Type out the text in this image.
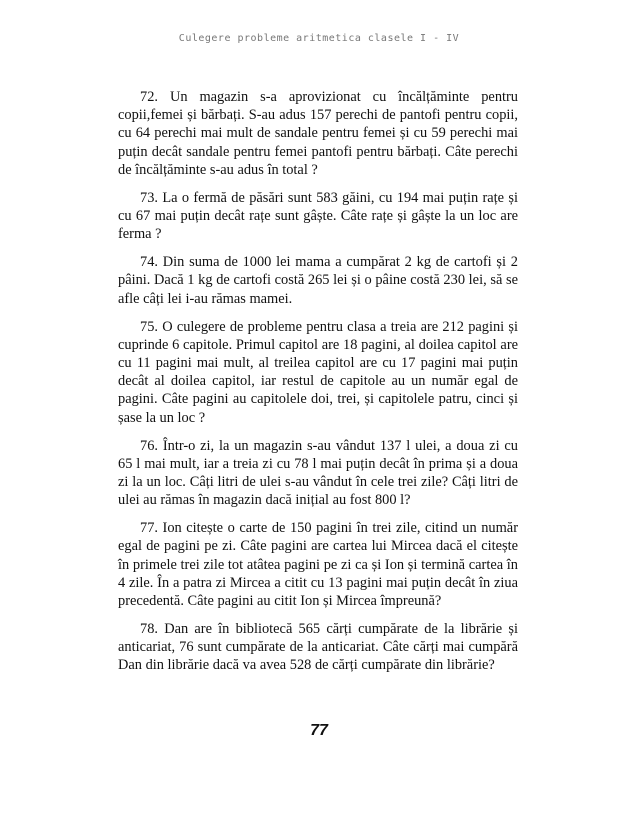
Culegere probleme aritmetica clasele I - IV

72. Un magazin s-a aprovizionat cu încălțăminte pentru copii,femei și bărbați. S-au adus 157 perechi de pantofi pentru copii, cu 64 perechi mai mult de sandale pentru femei și cu 59 perechi mai puțin decât sandale pentru femei pantofi pentru bărbați. Câte perechi de încălțăminte s-au adus în total ?

73. La o fermă de păsări sunt 583 găini, cu 194 mai puțin rațe și cu 67 mai puțin decât rațe sunt gâște. Câte rațe și gâște la un loc are ferma ?

74. Din suma de 1000 lei mama a cumpărat 2 kg de cartofi și 2 pâini. Dacă 1 kg de cartofi costă 265 lei și o pâine costă 230 lei, să se afle câți lei i-au rămas mamei.

75. O culegere de probleme pentru clasa a treia are 212 pagini și cuprinde 6 capitole. Primul capitol are 18 pagini, al doilea capitol are cu 11 pagini mai mult, al treilea capitol are cu 17 pagini mai puțin decât al doilea capitol, iar restul de capitole au un număr egal de pagini. Câte pagini au capitolele doi, trei, și capitolele patru, cinci și șase la un loc ?

76. Într-o zi, la un magazin s-au vândut 137 l ulei, a doua zi cu 65 l mai mult, iar a treia zi cu 78 l mai puțin decât în prima și a doua zi la un loc. Câți litri de ulei s-au vândut în cele trei zile? Câți litri de ulei au rămas în magazin dacă inițial au fost 800 l?

77. Ion citește o carte de 150 pagini în trei zile, citind un număr egal de pagini pe zi. Câte pagini are cartea lui Mircea dacă el citește în primele trei zile tot atâtea pagini pe zi ca și Ion și termină cartea în 4 zile. În a patra zi Mircea a citit cu 13 pagini mai puțin decât în ziua precedentă. Câte pagini au citit Ion și Mircea împreună?

78. Dan are în bibliotecă 565 cărți cumpărate de la librărie și anticariat, 76 sunt cumpărate de la anticariat. Câte cărți mai cumpără Dan din librărie dacă va avea 528 de cărți cumpărate din librărie?

77
